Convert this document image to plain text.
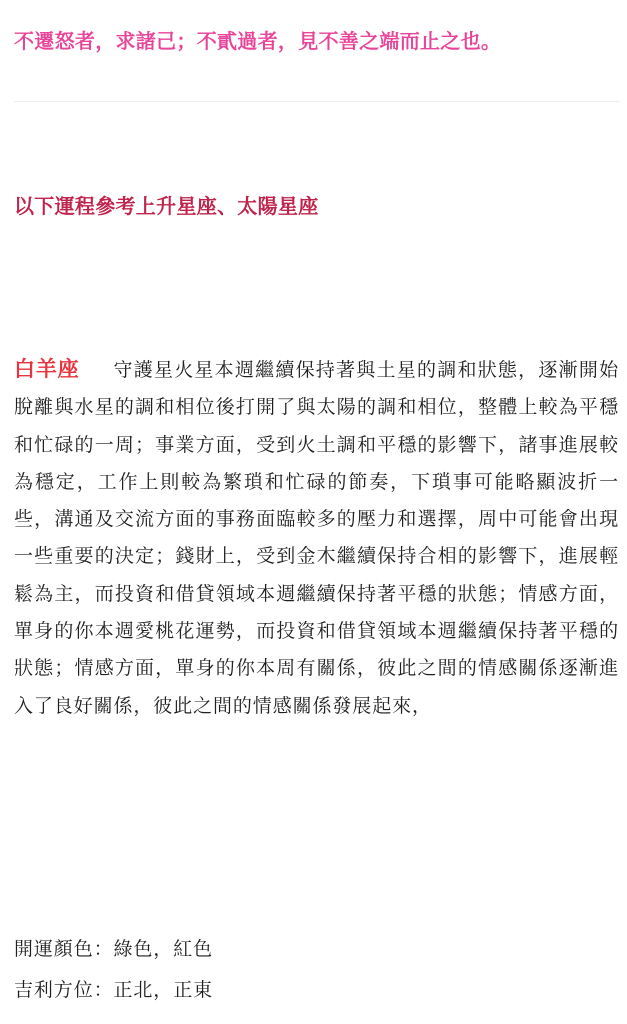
不遷怒者，求諸己；不貳過者，見不善之端而止之也。
以下運程參考上升星座、太陽星座
白羊座 守護星火星本週繼續保持著與土星的調和狀態，逐漸開始脫離與水星的調和相位後打開了與太陽的調和相位，整體上較為平穩和忙碌的一周；事業方面，受到火土調和平穩的影響下，諸事進展較為穩定，工作上則較為繁瑣和忙碌的節奏，下瑣事可能略顯波折一些，溝通及交流方面的事務面臨較多的壓力和選擇，周中可能會出現一些重要的決定；錢財上，受到金木繼續保持合相的影響下，進展輕鬆為主，而投資和借貸領域本週繼續保持著平穩的狀態；情感方面，單身的你本週愛桃花運勢，而投資和借貸領域本週繼續保持著平穩的狀態；情感方面，單身的你本周有關係，彼此之間的情感關係逐漸進入了良好關係，彼此之間的情感關係發展起來，
開運顏色：綠色，紅色
吉利方位：正北，正東
